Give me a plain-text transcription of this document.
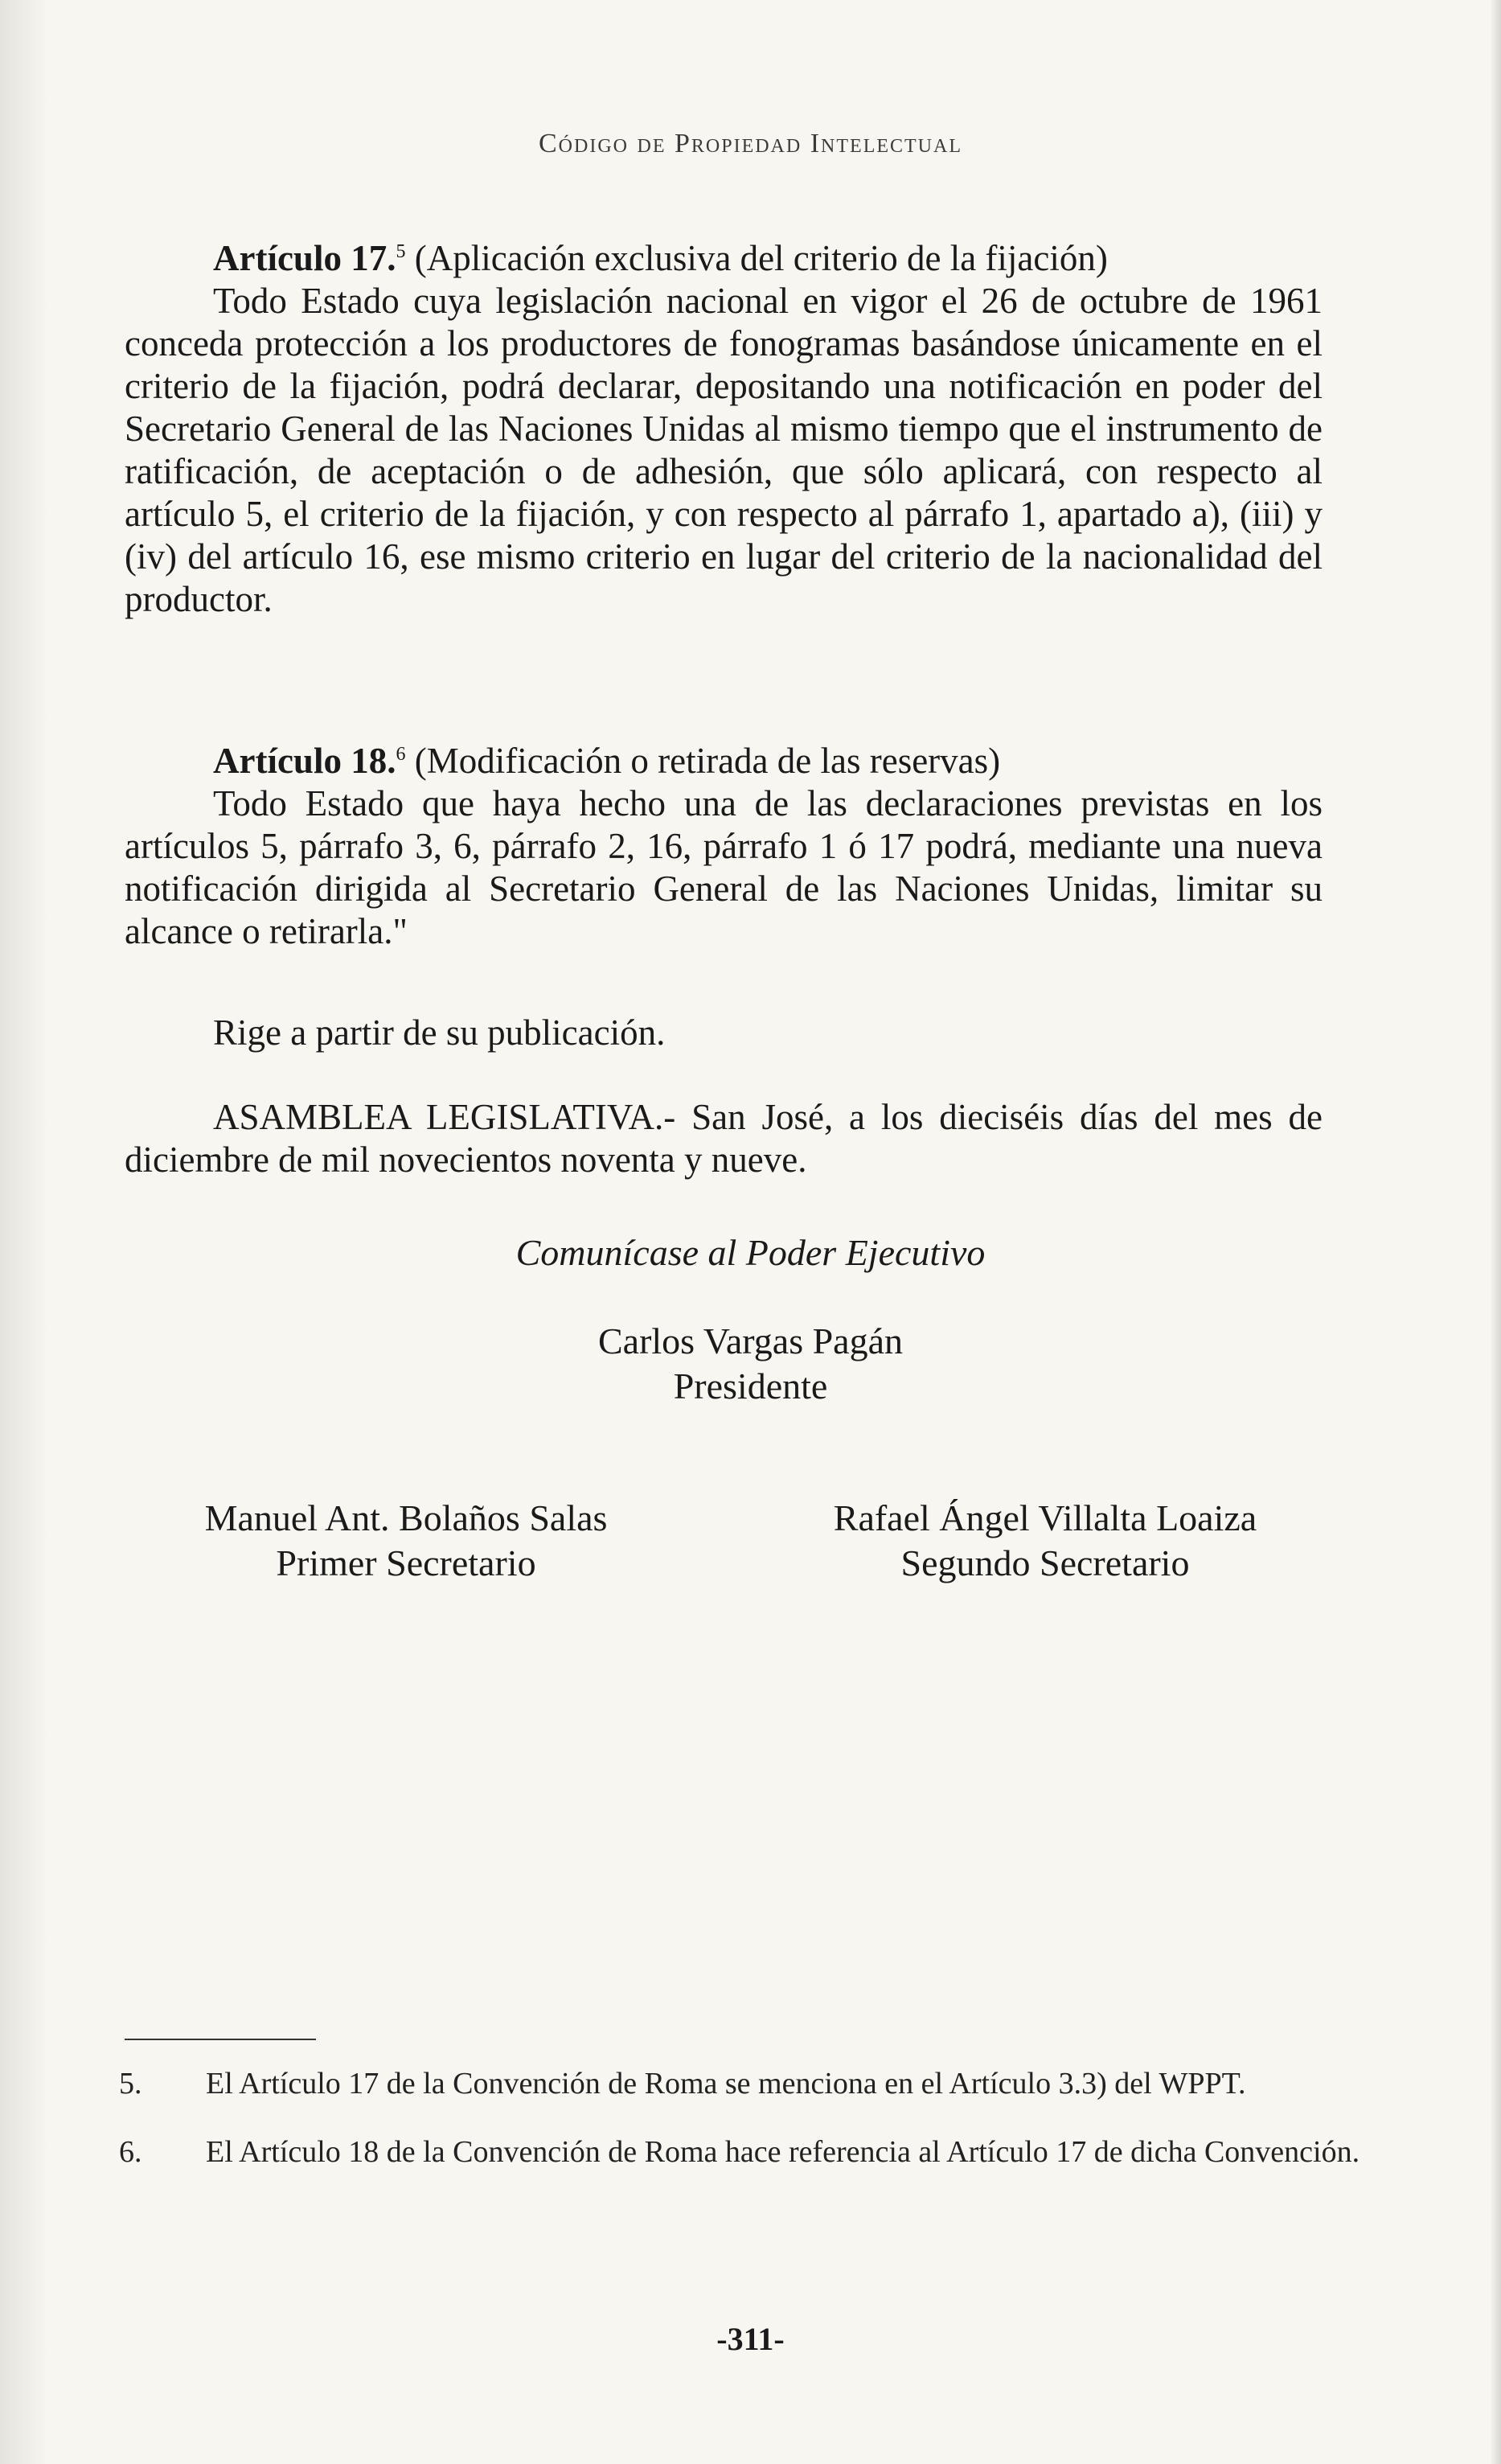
Código de Propiedad Intelectual

Artículo 17.$^5$ (Aplicación exclusiva del criterio de la fijación)

Todo Estado cuya legislación nacional en vigor el 26 de octubre de 1961 conceda protección a los productores de fonogramas basándose únicamente en el criterio de la fijación, podrá declarar, depositando una notificación en poder del Secretario General de las Naciones Unidas al mismo tiempo que el instrumento de ratificación, de aceptación o de adhesión, que sólo aplicará, con respecto al artículo 5, el criterio de la fijación, y con respecto al párrafo 1, apartado a), (iii) y (iv) del artículo 16, ese mismo criterio en lugar del criterio de la nacionalidad del productor.

Artículo 18.$^6$ (Modificación o retirada de las reservas)

Todo Estado que haya hecho una de las declaraciones previstas en los artículos 5, párrafo 3, 6, párrafo 2, 16, párrafo 1 ó 17 podrá, mediante una nueva notificación dirigida al Secretario General de las Naciones Unidas, limitar su alcance o retirarla."

Rige a partir de su publicación.

ASAMBLEA LEGISLATIVA.- San José, a los dieciséis días del mes de diciembre de mil novecientos noventa y nueve.

Comunícase al Poder Ejecutivo
Carlos Vargas Pagán
Presidente
Manuel Ant. Bolaños Salas
Primer Secretario
Rafael Ángel Villalta Loaiza
Segundo Secretario
5.	El Artículo 17 de la Convención de Roma se menciona en el Artículo 3.3) del WPPT.
6.	El Artículo 18 de la Convención de Roma hace referencia al Artículo 17 de dicha Convención.
-311-
